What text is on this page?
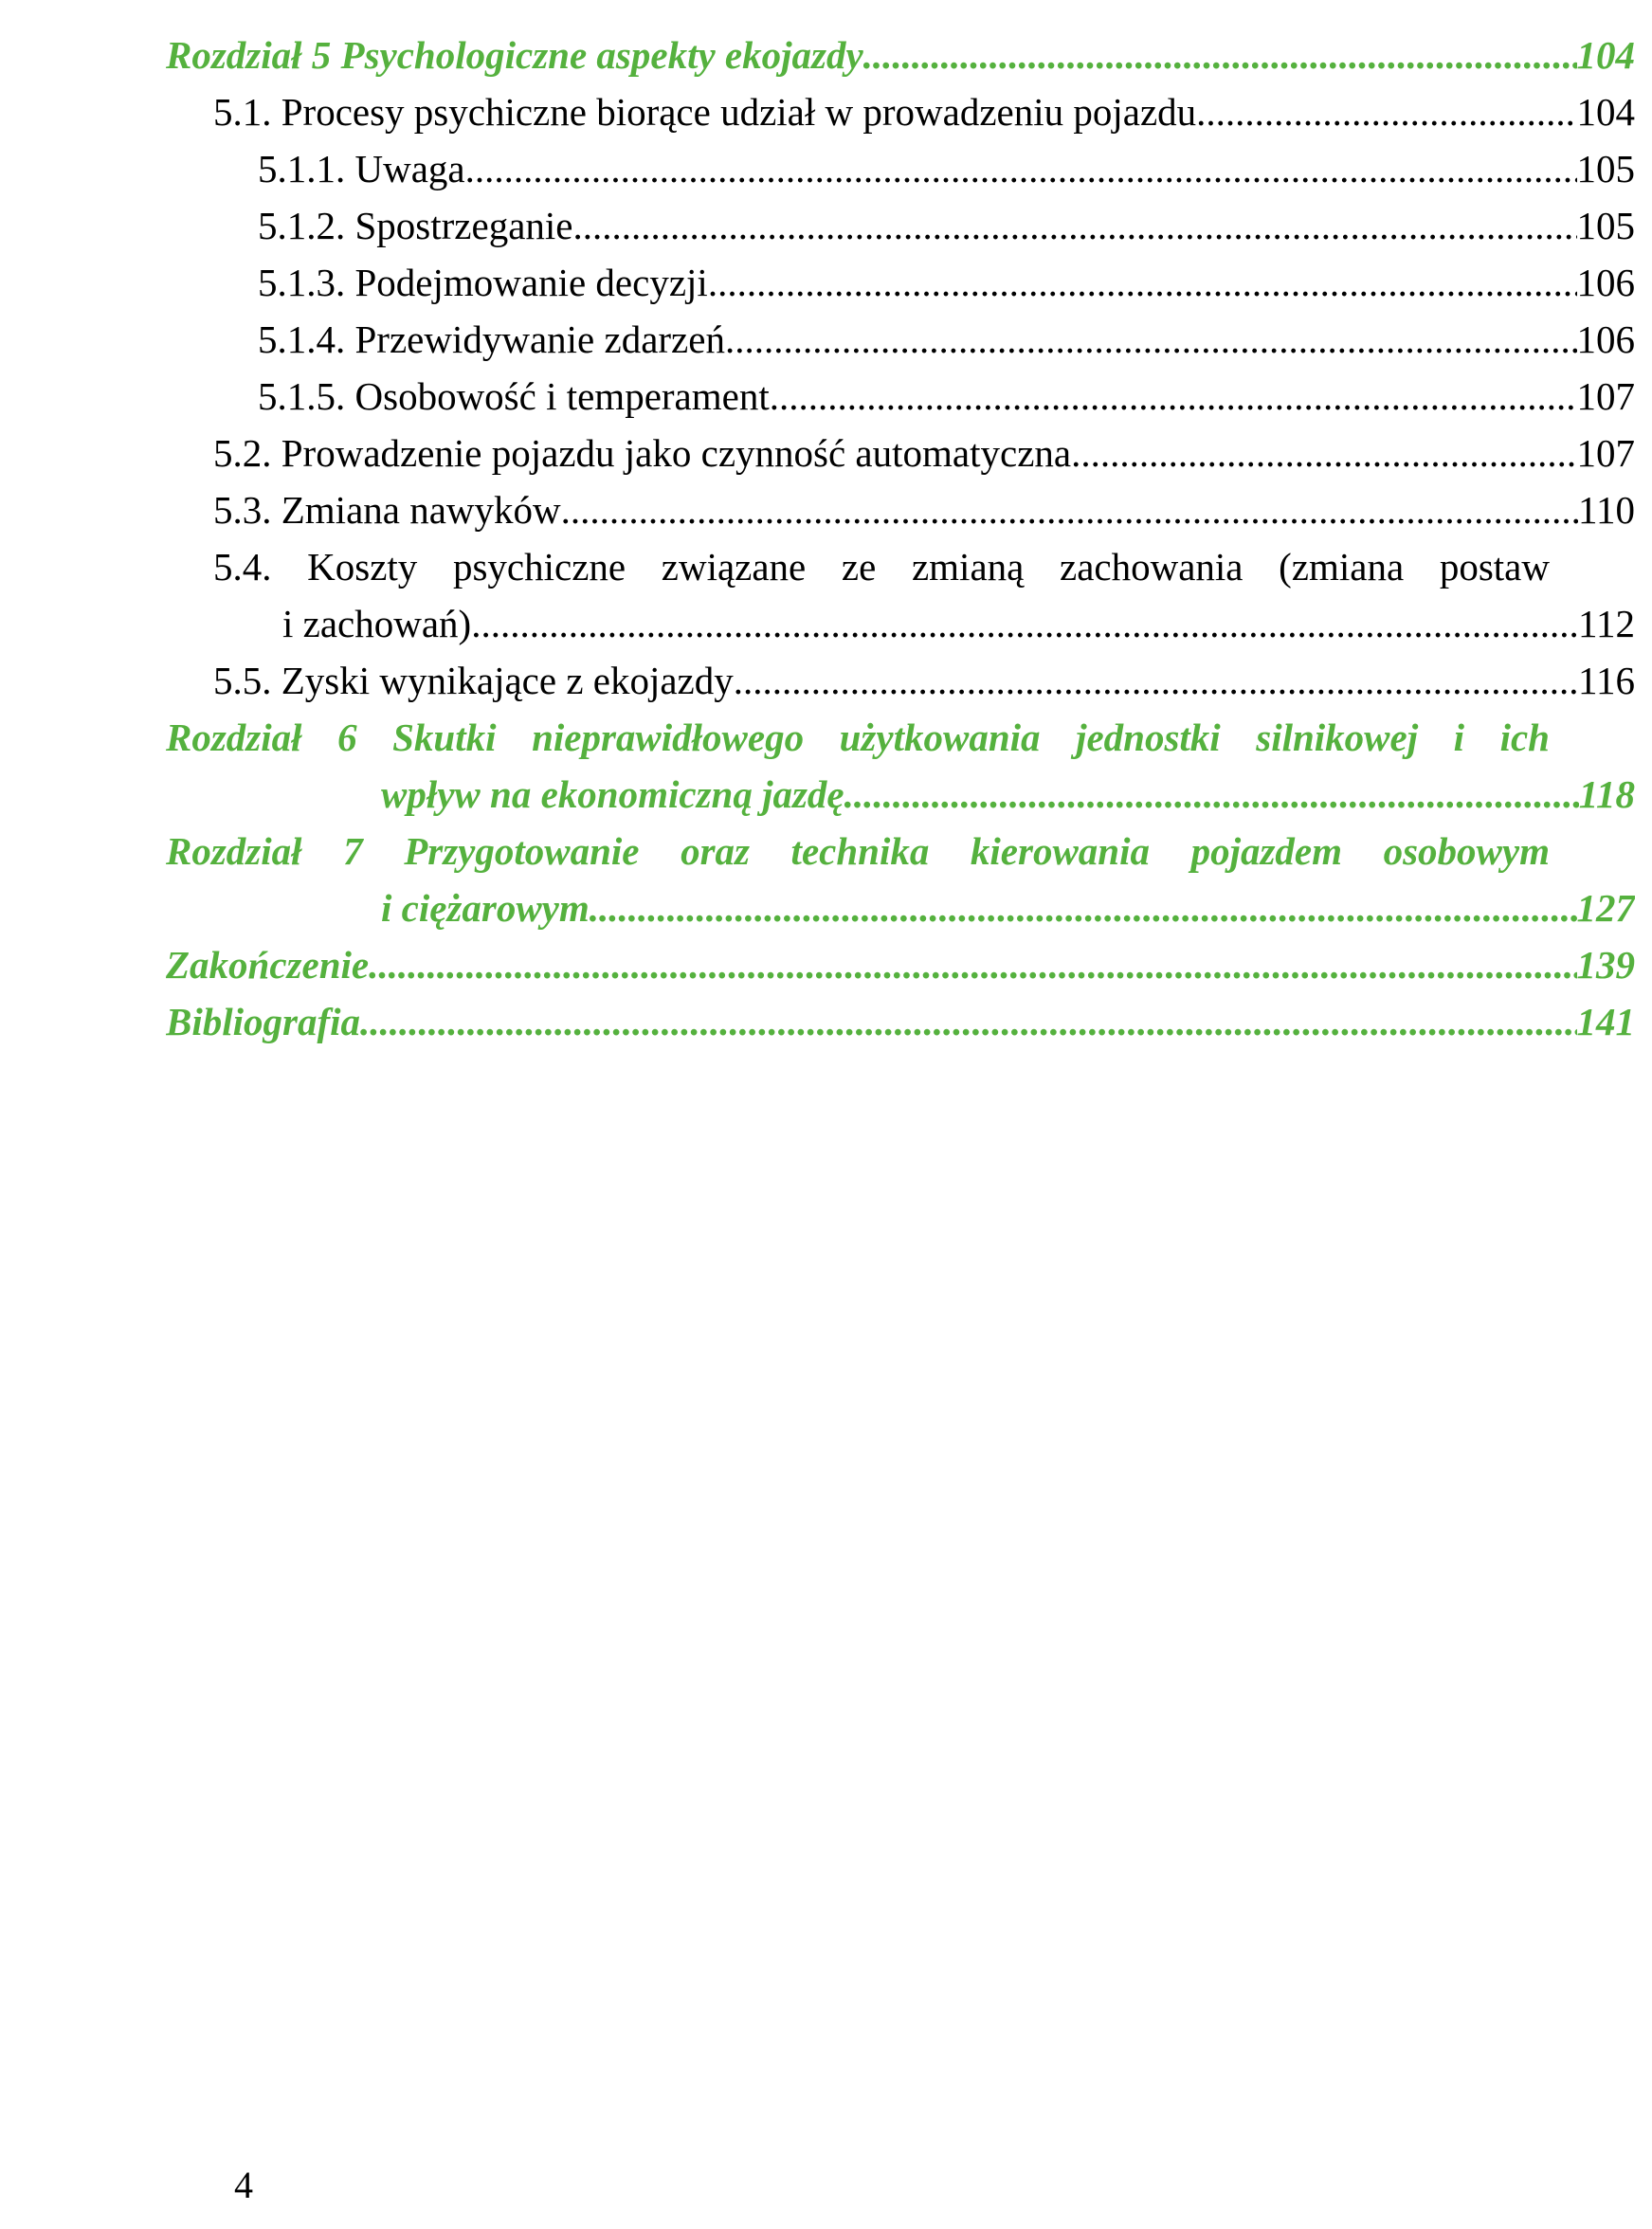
Rozdział 5 Psychologiczne aspekty ekojazdy .....	104
5.1. Procesy psychiczne biorące udział w prowadzeniu pojazdu .....	104
5.1.1. Uwaga .....	105
5.1.2. Spostrzeganie .....	105
5.1.3. Podejmowanie decyzji .....	106
5.1.4. Przewidywanie zdarzeń .....	106
5.1.5. Osobowość i temperament .....	107
5.2. Prowadzenie pojazdu jako czynność automatyczna .....	107
5.3. Zmiana nawyków .....	110
5.4. Koszty psychiczne związane ze zmianą zachowania (zmiana postaw
i zachowań) .....	112
5.5. Zyski wynikające z ekojazdy .....	116
Rozdział 6 Skutki nieprawidłowego użytkowania jednostki silnikowej i ich
wpływ na ekonomiczną jazdę .....	118
Rozdział 7 Przygotowanie oraz technika kierowania pojazdem osobowym
i ciężarowym .....	127
Zakończenie .....	139
Bibliografia .....	141
4
